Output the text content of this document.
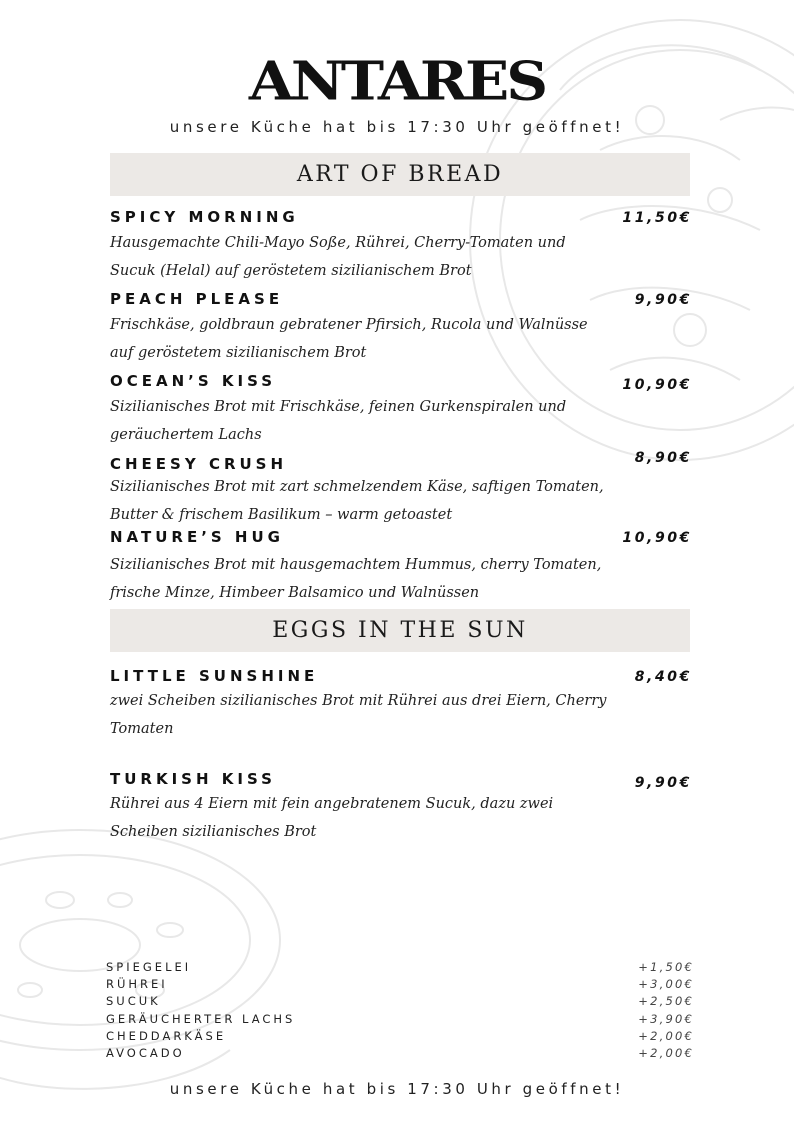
ANTARES
unsere Küche hat bis 17:30 Uhr geöffnet!
ART OF BREAD
SPICY MORNING	11,50€
Hausgemachte Chili-Mayo Soße, Rührei, Cherry-Tomaten und
Sucuk (Helal) auf geröstetem sizilianischem Brot
PEACH PLEASE	9,90€
Frischkäse, goldbraun gebratener Pfirsich, Rucola und Walnüsse
auf geröstetem sizilianischem Brot
OCEAN’S KISS	10,90€
Sizilianisches Brot mit Frischkäse, feinen Gurkenspiralen und
geräuchertem Lachs
CHEESY CRUSH	8,90€
Sizilianisches Brot mit zart schmelzendem Käse, saftigen Tomaten,
Butter & frischem Basilikum – warm getoastet
NATURE’S HUG	10,90€
Sizilianisches Brot mit hausgemachtem Hummus, cherry Tomaten,
frische Minze, Himbeer Balsamico und Walnüssen
EGGS IN THE SUN
LITTLE SUNSHINE	8,40€
zwei Scheiben sizilianisches Brot mit Rührei aus drei Eiern, Cherry
Tomaten
TURKISH KISS	9,90€
Rührei aus 4 Eiern mit fein angebratenem Sucuk, dazu zwei
Scheiben sizilianisches Brot
SPIEGELEI	+1,50€
RÜHREI	+3,00€
SUCUK	+2,50€
GERÄUCHERTER LACHS	+3,90€
CHEDDARKÄSE	+2,00€
AVOCADO	+2,00€
unsere Küche hat bis 17:30 Uhr geöffnet!
